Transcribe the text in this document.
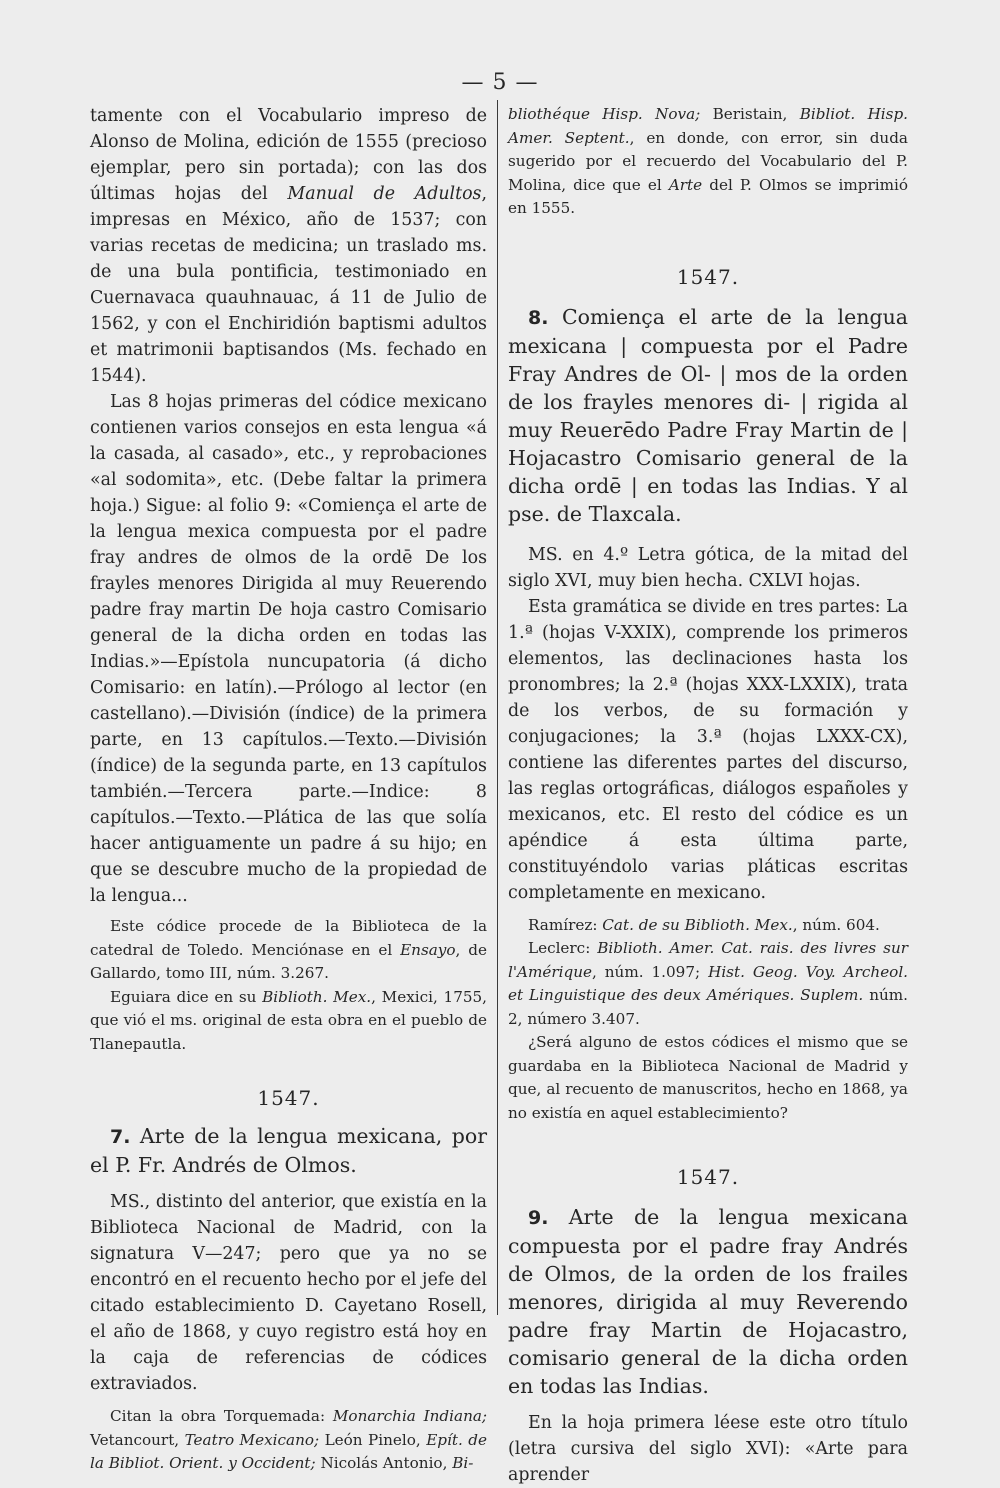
— 5 —

tamente con el Vocabulario impreso de Alonso de Molina, edición de 1555 (precioso ejemplar, pero sin portada); con las dos últimas hojas del Manual de Adultos, impresas en México, año de 1537; con varias recetas de medicina; un traslado ms. de una bula pontificia, testimoniado en Cuernavaca quauhnauac, á 11 de Julio de 1562, y con el Enchiridión baptismi adultos et matrimonii baptisandos (Ms. fechado en 1544).

Las 8 hojas primeras del códice mexicano contienen varios consejos en esta lengua «á la casada, al casado», etc., y reprobaciones «al sodomita», etc. (Debe faltar la primera hoja.) Sigue: al folio 9: «Comiença el arte de la lengua mexica compuesta por el padre fray andres de olmos de la ordē De los frayles menores Dirigida al muy Reuerendo padre fray martin De hoja castro Comisario general de la dicha orden en todas las Indias.»—Epístola nuncupatoria (á dicho Comisario: en latín).—Prólogo al lector (en castellano).—División (índice) de la primera parte, en 13 capítulos.—Texto.—División (índice) de la segunda parte, en 13 capítulos también.—Tercera parte.—Indice: 8 capítulos.—Texto.—Plática de las que solía hacer antiguamente un padre á su hijo; en que se descubre mucho de la propiedad de la lengua...

Este códice procede de la Biblioteca de la catedral de Toledo. Menciónase en el Ensayo, de Gallardo, tomo III, núm. 3.267.

Eguiara dice en su Biblioth. Mex., Mexici, 1755, que vió el ms. original de esta obra en el pueblo de Tlanepautla.

1547.

7. Arte de la lengua mexicana, por el P. Fr. Andrés de Olmos.

MS., distinto del anterior, que existía en la Biblioteca Nacional de Madrid, con la signatura V—247; pero que ya no se encontró en el recuento hecho por el jefe del citado establecimiento D. Cayetano Rosell, el año de 1868, y cuyo registro está hoy en la caja de referencias de códices extraviados.

Citan la obra Torquemada: Monarchia Indiana; Vetancourt, Teatro Mexicano; León Pinelo, Epít. de la Bibliot. Orient. y Occident; Nicolás Antonio, Bi-

bliothéque Hisp. Nova; Beristain, Bibliot. Hisp. Amer. Septent., en donde, con error, sin duda sugerido por el recuerdo del Vocabulario del P. Molina, dice que el Arte del P. Olmos se imprimió en 1555.

1547.

8. Comiença el arte de la lengua mexicana | compuesta por el Padre Fray Andres de Ol- | mos de la orden de los frayles menores di- | rigida al muy Reuerēdo Padre Fray Martin de | Hojacastro Comisario general de la dicha ordē | en todas las Indias. Y al pse. de Tlaxcala.

MS. en 4.º Letra gótica, de la mitad del siglo XVI, muy bien hecha. CXLVI hojas.

Esta gramática se divide en tres partes: La 1.ª (hojas V-XXIX), comprende los primeros elementos, las declinaciones hasta los pronombres; la 2.ª (hojas XXX-LXXIX), trata de los verbos, de su formación y conjugaciones; la 3.ª (hojas LXXX-CX), contiene las diferentes partes del discurso, las reglas ortográficas, diálogos españoles y mexicanos, etc. El resto del códice es un apéndice á esta última parte, constituyéndolo varias pláticas escritas completamente en mexicano.

Ramírez: Cat. de su Biblioth. Mex., núm. 604.

Leclerc: Biblioth. Amer. Cat. rais. des livres sur l'Amérique, núm. 1.097; Hist. Geog. Voy. Archeol. et Linguistique des deux Amériques. Suplem. núm. 2, número 3.407.

¿Será alguno de estos códices el mismo que se guardaba en la Biblioteca Nacional de Madrid y que, al recuento de manuscritos, hecho en 1868, ya no existía en aquel establecimiento?

1547.

9. Arte de la lengua mexicana compuesta por el padre fray Andrés de Olmos, de la orden de los frailes menores, dirigida al muy Reverendo padre fray Martin de Hojacastro, comisario general de la dicha orden en todas las Indias.

En la hoja primera léese este otro título (letra cursiva del siglo XVI): «Arte para aprender
